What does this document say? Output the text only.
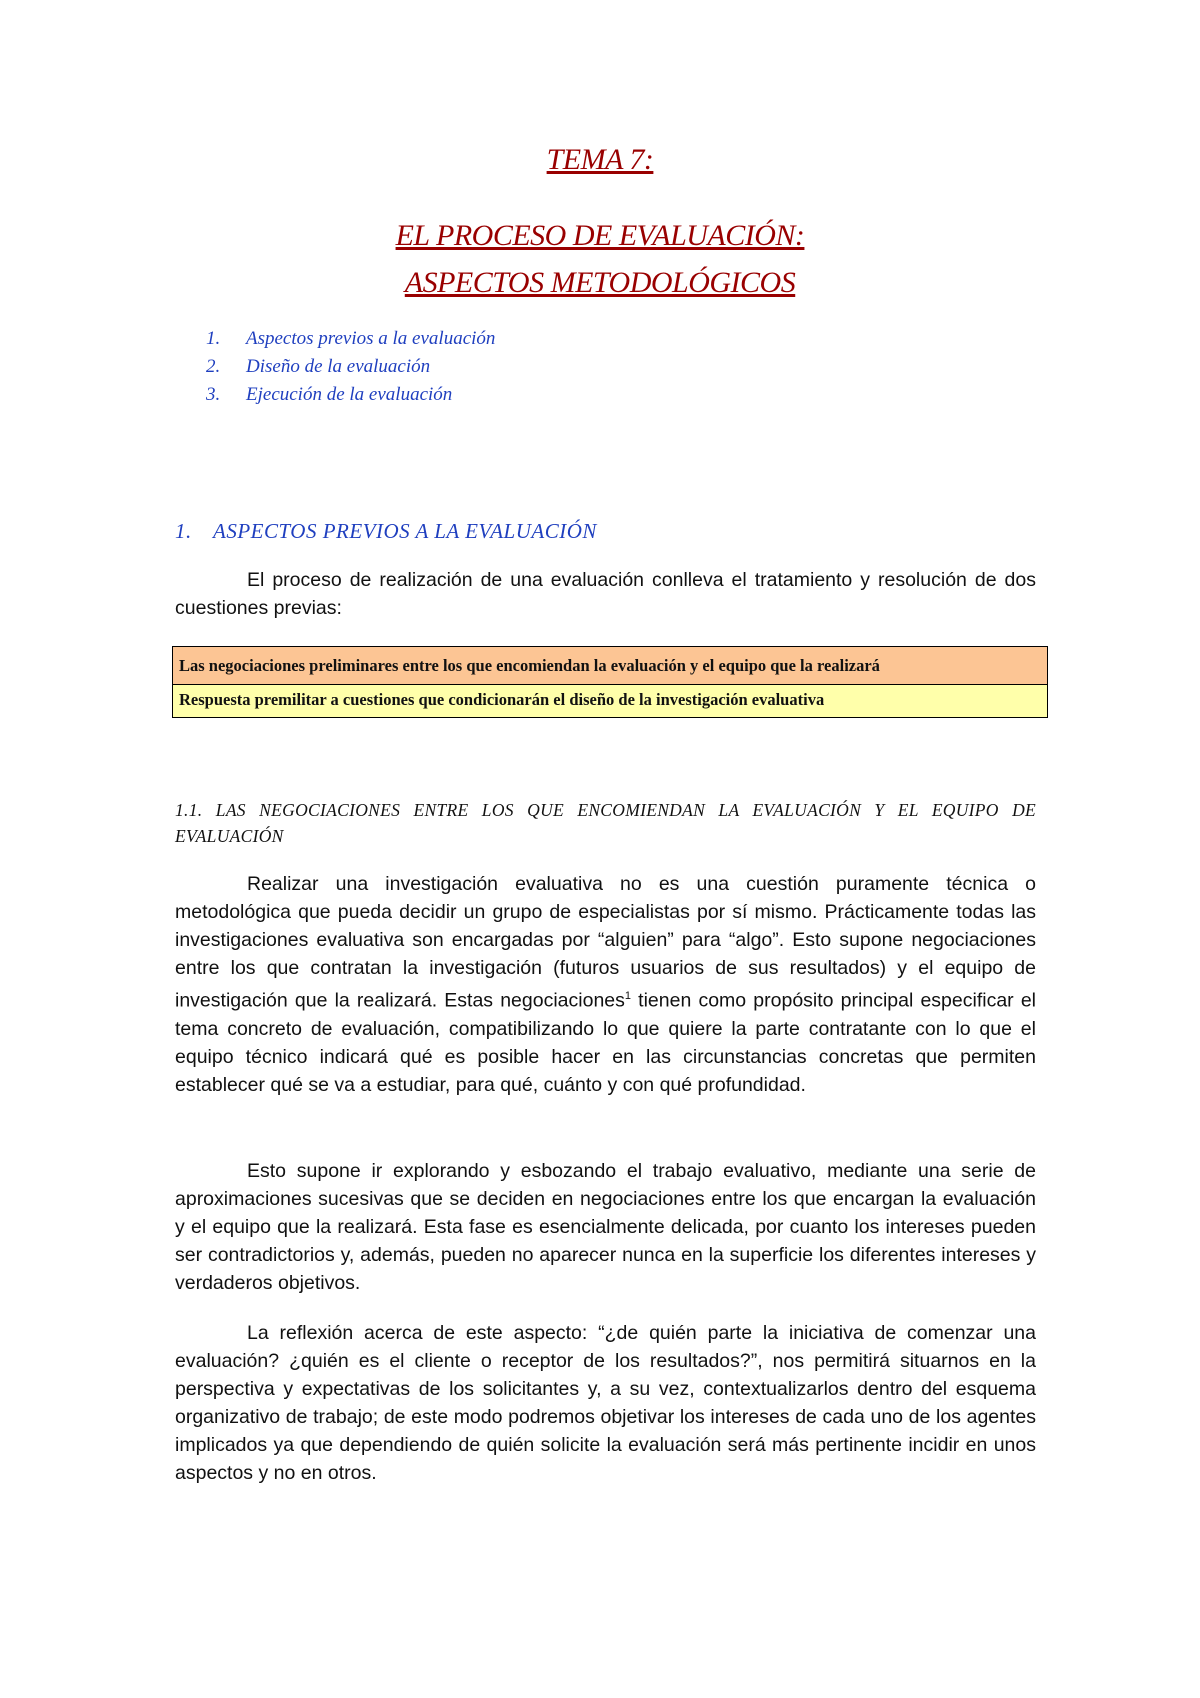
TEMA 7:
EL PROCESO DE EVALUACIÓN:
ASPECTOS METODOLÓGICOS
1. Aspectos previos a la evaluación
2. Diseño de la evaluación
3. Ejecución de la evaluación
1. ASPECTOS PREVIOS A LA EVALUACIÓN

El proceso de realización de una evaluación conlleva el tratamiento y resolución de dos cuestiones previas:

Las negociaciones preliminares entre los que encomiendan la evaluación y el equipo que la realizará
Respuesta premilitar a cuestiones que condicionarán el diseño de la investigación evaluativa
1.1. LAS NEGOCIACIONES ENTRE LOS QUE ENCOMIENDAN LA EVALUACIÓN Y EL EQUIPO DE EVALUACIÓN

Realizar una investigación evaluativa no es una cuestión puramente técnica o metodológica que pueda decidir un grupo de especialistas por sí mismo. Prácticamente todas las investigaciones evaluativa son encargadas por “alguien” para “algo”. Esto supone negociaciones entre los que contratan la investigación (futuros usuarios de sus resultados) y el equipo de investigación que la realizará. Estas negociaciones$^1$ tienen como propósito principal especificar el tema concreto de evaluación, compatibilizando lo que quiere la parte contratante con lo que el equipo técnico indicará qué es posible hacer en las circunstancias concretas que permiten establecer qué se va a estudiar, para qué, cuánto y con qué profundidad.

Esto supone ir explorando y esbozando el trabajo evaluativo, mediante una serie de aproximaciones sucesivas que se deciden en negociaciones entre los que encargan la evaluación y el equipo que la realizará. Esta fase es esencialmente delicada, por cuanto los intereses pueden ser contradictorios y, además, pueden no aparecer nunca en la superficie los diferentes intereses y verdaderos objetivos.

La reflexión acerca de este aspecto: “¿de quién parte la iniciativa de comenzar una evaluación? ¿quién es el cliente o receptor de los resultados?”, nos permitirá situarnos en la perspectiva y expectativas de los solicitantes y, a su vez, contextualizarlos dentro del esquema organizativo de trabajo; de este modo podremos objetivar los intereses de cada uno de los agentes implicados ya que dependiendo de quién solicite la evaluación será más pertinente incidir en unos aspectos y no en otros.
